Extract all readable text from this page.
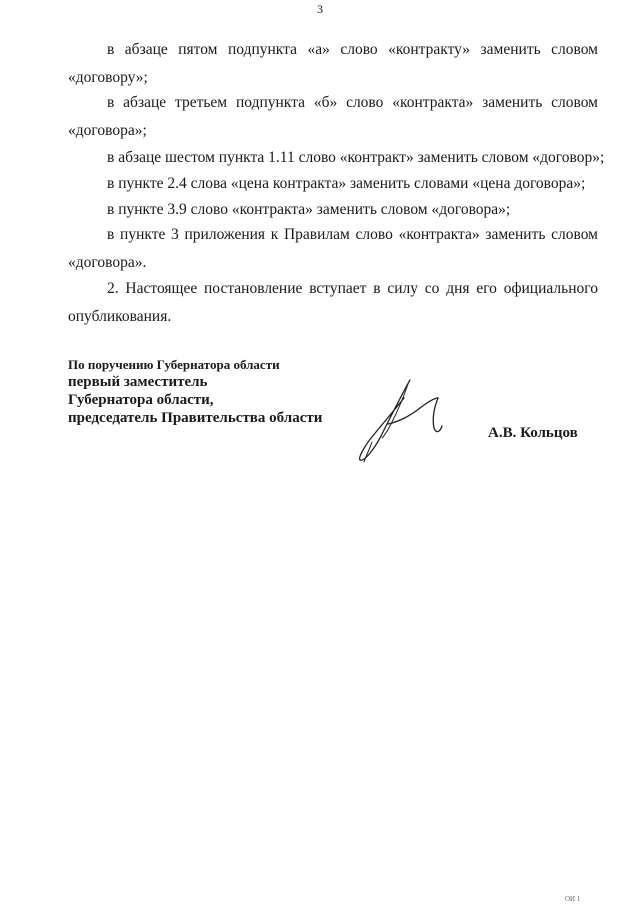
3

в абзаце пятом подпункта «а» слово «контракту» заменить словом «договору»;

в абзаце третьем подпункта «б» слово «контракта» заменить словом «договора»;

в абзаце шестом пункта 1.11 слово «контракт» заменить словом «договор»;

в пункте 2.4 слова «цена контракта» заменить словами «цена договора»;

в пункте 3.9 слово «контракта» заменить словом «договора»;

в пункте 3 приложения к Правилам слово «контракта» заменить словом «договора».

2. Настоящее постановление вступает в силу со дня его официального опубликования.

По поручению Губернатора области

первый заместитель

Губернатора области,

председатель Правительства области

А.В. Кольцов

ОИ 1
